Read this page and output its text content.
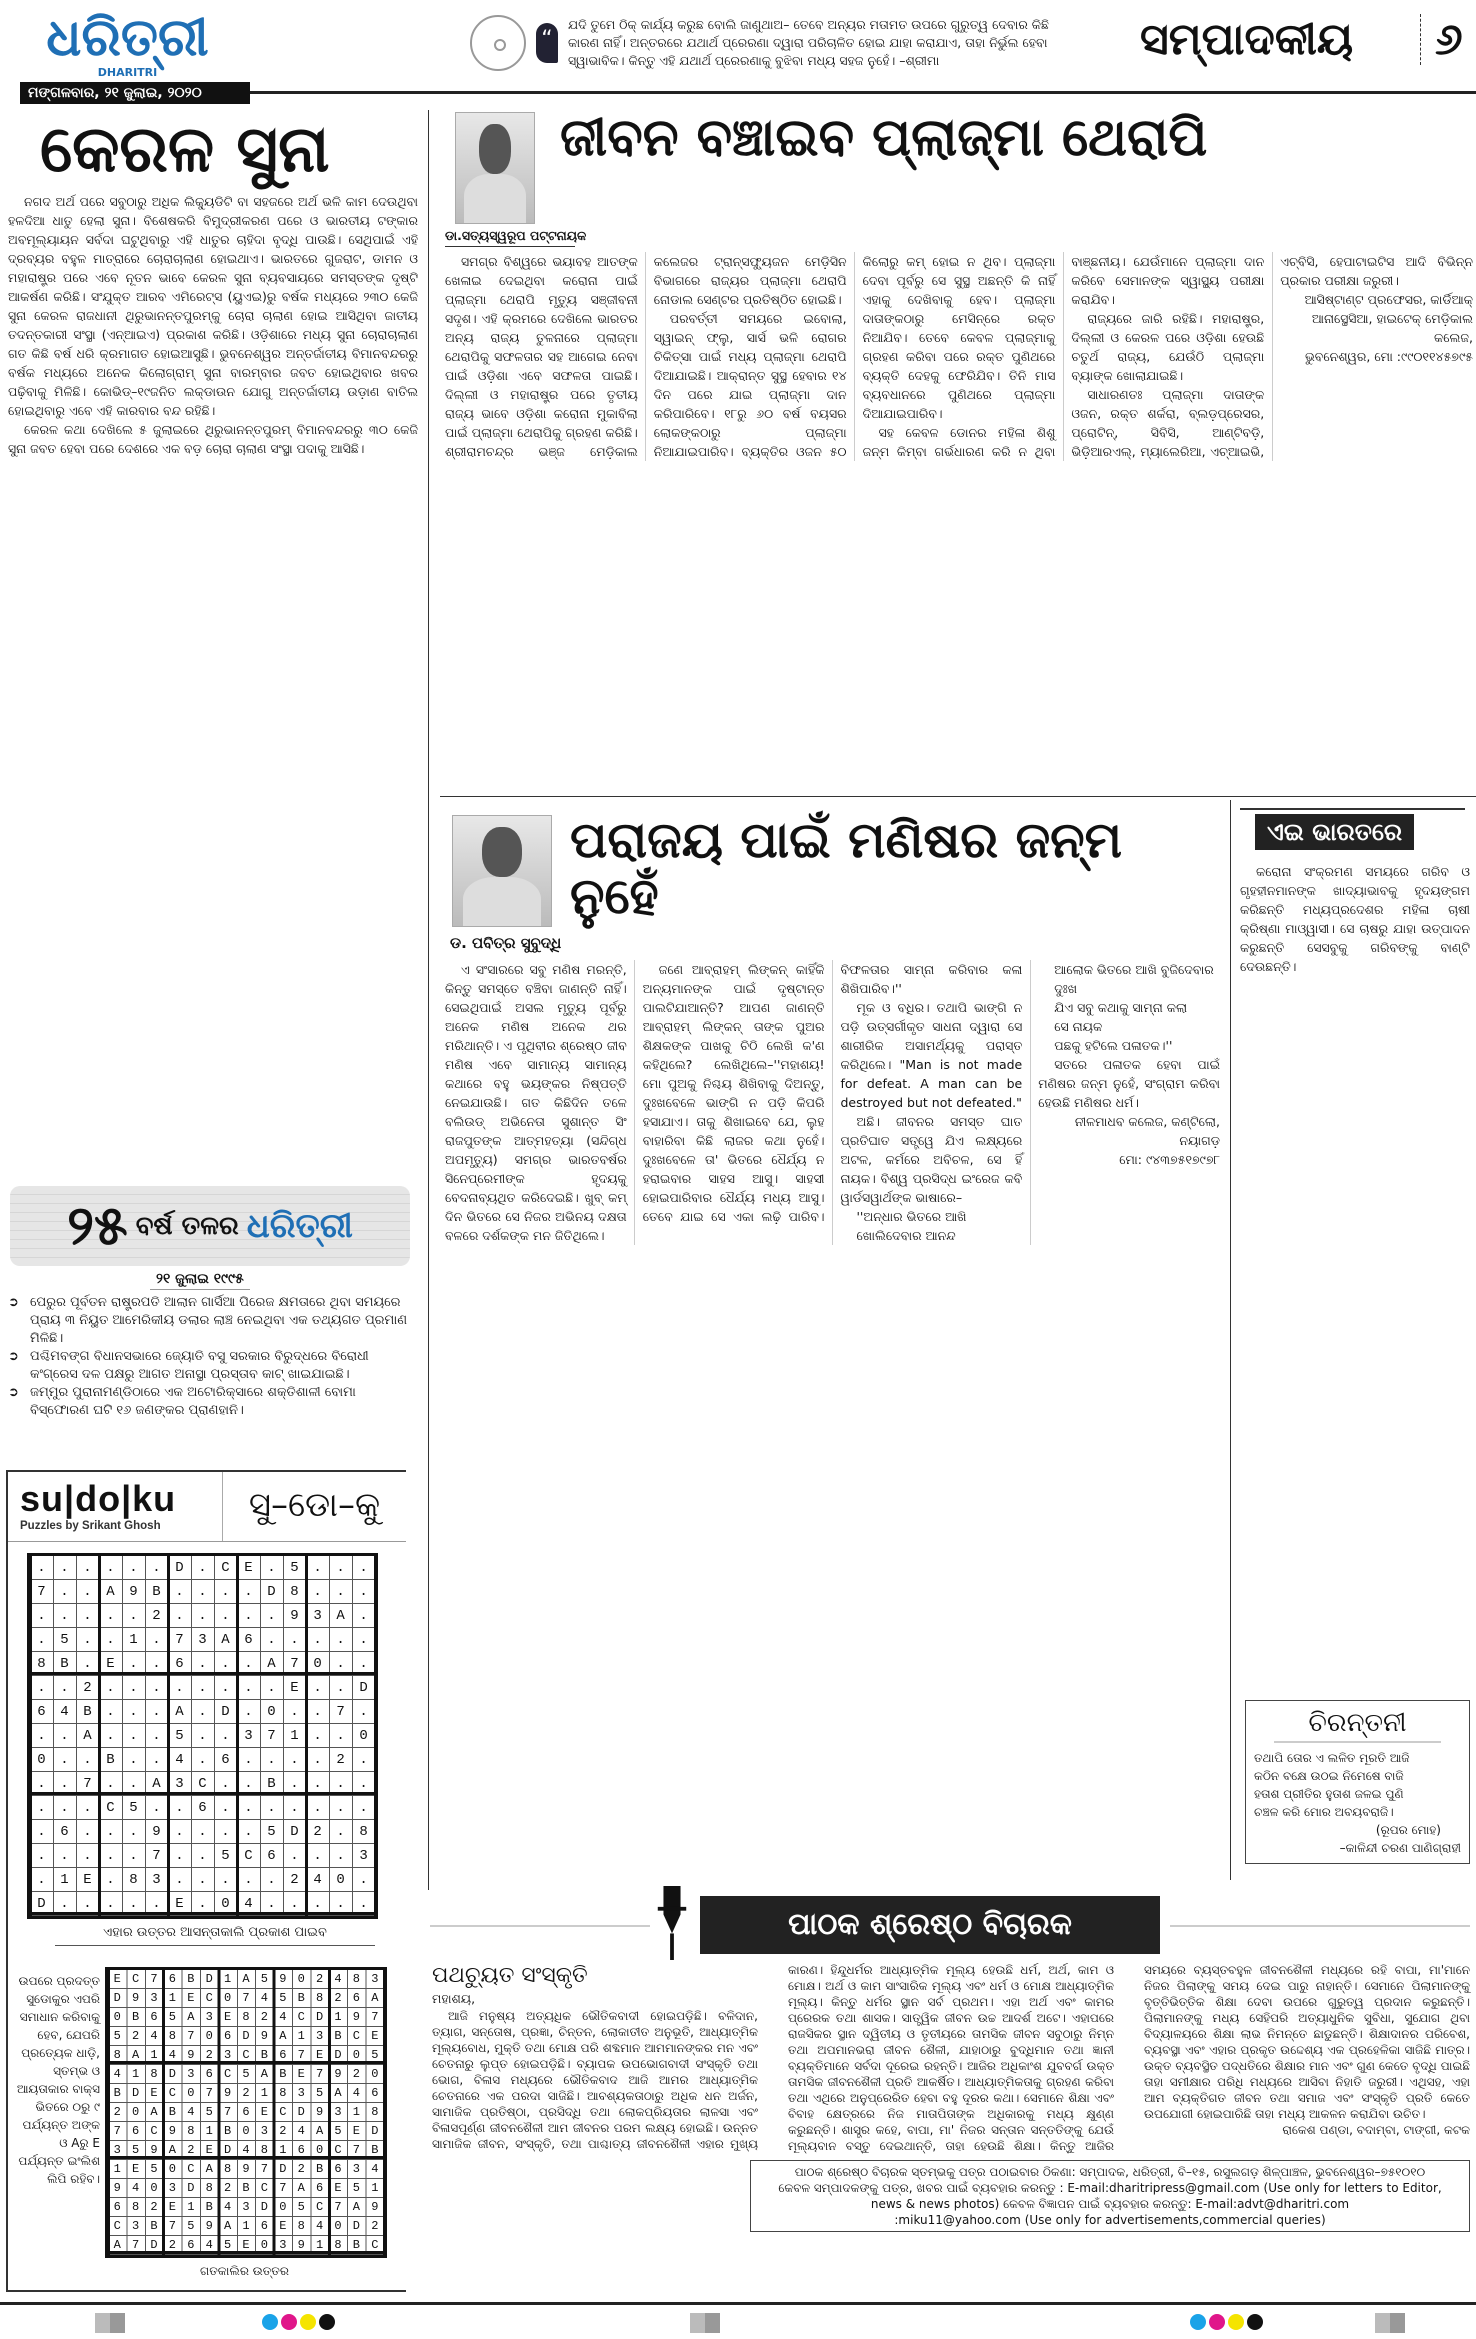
ଧରିତ୍ରୀ
DHARITRI
ମଙ୍ଗଳବାର, ୨୧ ଜୁଲାଇ, ୨୦୨୦
“

ଯଦି ତୁମେ ଠିକ୍ କାର୍ଯ୍ୟ କରୁଛ ବୋଲି ଜାଣୁଥାଅ– ତେବେ ଅନ୍ୟର ମତାମତ ଉପରେ ଗୁରୁତ୍ୱ ଦେବାର କିଛି କାରଣ ନାହିଁ। ଅନ୍ତରରେ ଯଥାର୍ଥ ପ୍ରେରଣା ଦ୍ୱାରା ପରିଚାଳିତ ହୋଇ ଯାହା କରାଯାଏ, ତାହା ନିର୍ଭୁଲ ହେବା ସ୍ୱାଭାବିକ। କିନ୍ତୁ ଏହି ଯଥାର୍ଥ ପ୍ରେରଣାକୁ ବୁଝିବା ମଧ୍ୟ ସହଜ ନୁହେଁ। –ଶ୍ରୀମା	ସମ୍ପାଦକୀୟ	୬
କେରଳ ସୁନା

ନଗଦ ଅର୍ଥ ପରେ ସବୁଠାରୁ ଅଧିକ ଲିକ୍ୟୁଡିଟି ବା ସହଜରେ ଅର୍ଥ ଭଳି କାମ ଦେଉଥିବା ହଳଦିଆ ଧାତୁ ହେଲା ସୁନା। ବିଶେଷକରି ବିମୁଦ୍ରୀକରଣ ପରେ ଓ ଭାରତୀୟ ଟଙ୍କାର ଅବମୂଲ୍ୟାୟନ ସର୍ବଦା ଘଟୁଥିବାରୁ ଏହି ଧାତୁର ଚାହିଦା ବୃଦ୍ଧି ପାଉଛି। ସେଥିପାଇଁ ଏହି ଦ୍ରବ୍ୟର ବହୁଳ ମାତ୍ରାରେ ଚୋରାଚାଲାଣ ହୋଇଥାଏ। ଭାରତରେ ଗୁଜରାଟ, ଡାମନ ଓ ମହାରାଷ୍ଟ୍ର ପରେ ଏବେ ନୂତନ ଭାବେ କେରଳ ସୁନା ବ୍ୟବସାୟରେ ସମସ୍ତଙ୍କ ଦୃଷ୍ଟି ଆକର୍ଷଣ କରିଛି। ସଂଯୁକ୍ତ ଆରବ ଏମିରେଟ୍ସ (ୟୁଏଇ)ରୁ ବର୍ଷକ ମଧ୍ୟରେ ୨୩୦ କେଜି ସୁନା କେରଳ ରାଜଧାନୀ ଥିରୁଭାନନ୍ତପୁରମ୍‌କୁ ଚୋରା ଚାଲାଣ ହୋଇ ଆସିଥିବା ଜାତୀୟ ତଦନ୍ତକାରୀ ସଂସ୍ଥା (ଏନ୍‌ଆଇଏ) ପ୍ରକାଶ କରିଛି। ଓଡ଼ିଶାରେ ମଧ୍ୟ ସୁନା ଚୋରାଚାଲାଣ ଗତ କିଛି ବର୍ଷ ଧରି କ୍ରମାଗତ ହୋଇଆସୁଛି। ଭୁବନେଶ୍ୱର ଅନ୍ତର୍ଜାତୀୟ ବିମାନବନ୍ଦରରୁ ବର୍ଷକ ମଧ୍ୟରେ ଅନେକ କିଲୋଗ୍ରାମ୍ ସୁନା ବାରମ୍ବାର ଜବତ ହୋଇଥିବାର ଖବର ପଢ଼ିବାକୁ ମିଳିଛି। କୋଭିଡ୍–୧୯ଜନିତ ଲକ୍‌ଡାଉନ ଯୋଗୁ ଅନ୍ତର୍ଜାତୀୟ ଉଡ଼ାଣ ବାତିଲ ହୋଇଥିବାରୁ ଏବେ ଏହି କାରବାର ବନ୍ଦ ରହିଛି।

କେରଳ କଥା ଦେଖିଲେ ୫ ଜୁଲାଇରେ ଥିରୁଭାନନ୍ତପୁରମ୍ ବିମାନବନ୍ଦରରୁ ୩୦ କେଜି ସୁନା ଜବତ ହେବା ପରେ ଦେଶରେ ଏକ ବଡ଼ ଚୋରା ଚାଲାଣ ସଂସ୍ଥା ପଦାକୁ ଆସିଛି।

୨୫ ବର୍ଷ ତଳର ଧରିତ୍ରୀ
୨୧ ଜୁଲାଇ ୧୯୯୫
➲ ପେରୁର ପୂର୍ବତନ ରାଷ୍ଟ୍ରପତି ଆଲାନ ଗାର୍ସିଆ ପିରେଜ କ୍ଷମତାରେ ଥିବା ସମୟରେ ପ୍ରାୟ ୩ ନିୟୁତ ଆମେରିକୀୟ ଡଲାର ଲାଞ୍ଚ ନେଇଥିବା ଏକ ତଥ୍ୟଗତ ପ୍ରମାଣ ମିଳିଛି।
➲ ପଶ୍ଚିମବଙ୍ଗ ବିଧାନସଭାରେ ଜ୍ୟୋତି ବସୁ ସରକାର ବିରୁଦ୍ଧରେ ବିରୋଧୀ କଂଗ୍ରେସ ଦଳ ପକ୍ଷରୁ ଆଗତ ଅନାସ୍ଥା ପ୍ରସ୍ତାବ କାଟ୍ ଖାଇଯାଇଛି।
➲ ଜମ୍ମୁର ପୁରାନାମଣ୍ଡିଠାରେ ଏକ ଅଟୋରିକ୍ସାରେ ଶକ୍ତିଶାଳୀ ବୋମା ବିସ୍ଫୋରଣ ଘଟି ୧୬ ଜଣଙ୍କର ପ୍ରାଣହାନି।
su|do|ku
Puzzles by Srikant Ghosh
ସୁ–ଡୋ–କୁ
......D.CE.5...
7..A9B....D8...
.....2.....93A.
.5..1.73A6.....
8B.E..6...A70..
..2........E..D
64B...A.D.0..7.
..A...5..371..0
0..B..4.6....2.
..7..A3C..B....
...C5..6.......
.6...9....5D2.8
.....7..5C6...3
.1E.83.....240.
D.....E.04.....
ଏହାର ଉତ୍ତର ଆସନ୍ତାକାଲି ପ୍ରକାଶ ପାଇବ
ଉପରେ ପ୍ରଦତ୍ତ ସୁଡୋକୁର ଏପରି ସମାଧାନ କରିବାକୁ ହେବ, ଯେପରି ପ୍ରତ୍ୟେକ ଧାଡ଼ି, ସ୍ତମ୍ଭ ଓ ଆୟତାକାର ବାକ୍ସ ଭିତରେ ୦ରୁ ୯ ପର୍ଯ୍ୟନ୍ତ ଅଙ୍କ ଓ Aରୁ E ପର୍ଯ୍ୟନ୍ତ ଇଂଲିଶ ଲିପି ରହିବ।
EC76BD1A5902483
D931EC0745B826A
0B65A3E824CD197
5248706D9A13BCE
8A14923CB67ED05
418D36C5ABE7920
BDEC07921835A46
20AB4576ECD9318
76C981B0324A5ED
359A2ED48160C7B
1E50CA897D2B634
9403D82BC7A6E51
682E1B43D05C7A9
C3B759A16E840D2
A7D2645E03918BC
ଗତକାଲିର ଉତ୍ତର
ଜୀବନ ବଞ୍ଚାଇବ ପ୍ଲାଜ୍‌ମା ଥେରାପି
ଡା.ସତ୍ୟସ୍ୱରୂପ ପଟ୍ଟନାୟକ

ସମଗ୍ର ବିଶ୍ୱରେ ଭୟାବହ ଆତଙ୍କ ଖେଳାଇ ଦେଇଥିବା କରୋନା ପାଇଁ ପ୍ଲାଜ୍‌ମା ଥେରାପି ମୃତ୍ୟୁ ସଞ୍ଜୀବନୀ ସଦୃଶ। ଏହି କ୍ରମରେ ଦେଖିଲେ ଭାରତର ଅନ୍ୟ ରାଜ୍ୟ ତୁଳନାରେ ପ୍ଲାଜ୍‌ମା ଥେରାପିକୁ ସଫଳତାର ସହ ଆଗେଇ ନେବା ପାଇଁ ଓଡ଼ିଶା ଏବେ ସଫଳତା ପାଇଛି। ଦିଲ୍ଲୀ ଓ ମହାରାଷ୍ଟ୍ର ପରେ ତୃତୀୟ ରାଜ୍ୟ ଭାବେ ଓଡ଼ିଶା କରୋନା ମୁକାବିଲା ପାଇଁ ପ୍ଲାଜ୍‌ମା ଥେରାପିକୁ ଗ୍ରହଣ କରିଛି। ଶ୍ରୀରାମଚନ୍ଦ୍ର ଭଞ୍ଜ ମେଡ଼ିକାଲ କଲେଜର ଟ୍ରାନ୍ସଫ୍ୟୁଜନ ମେଡ଼ିସିନ ବିଭାଗରେ ରାଜ୍ୟର ପ୍ଲାଜ୍‌ମା ଥେରାପି ନୋଡାଲ ସେଣ୍ଟର ପ୍ରତିଷ୍ଠିତ ହୋଇଛି।

ପରବର୍ତ୍ତୀ ସମୟରେ ଇବୋଲା, ସ୍ୱାଇନ୍ ଫ୍ଲୁ, ସାର୍ସ ଭଳି ରୋଗର ଚିକିତ୍ସା ପାଇଁ ମଧ୍ୟ ପ୍ଲାଜ୍‌ମା ଥେରାପି ଦିଆଯାଇଛି। ଆକ୍ରାନ୍ତ ସୁସ୍ଥ ହେବାର ୧୪ ଦିନ ପରେ ଯାଇ ପ୍ଲାଜ୍‌ମା ଦାନ କରିପାରିବେ। ୧୮ରୁ ୬୦ ବର୍ଷ ବୟସର ଲୋକଙ୍କଠାରୁ ପ୍ଲାଜ୍‌ମା ନିଆଯାଇପାରିବ। ବ୍ୟକ୍ତିର ଓଜନ ୫୦ କିଲୋରୁ କମ୍ ହୋଇ ନ ଥିବ। ପ୍ଲାଜ୍‌ମା ଦେବା ପୂର୍ବରୁ ସେ ସୁସ୍ଥ ଅଛନ୍ତି କି ନାହିଁ ଏହାକୁ ଦେଖିବାକୁ ହେବ। ପ୍ଲାଜ୍‌ମା ଦାତାଙ୍କଠାରୁ ମେସିନ୍‌ରେ ରକ୍ତ ନିଆଯିବ। ତେବେ କେବଳ ପ୍ଲାଜ୍‌ମାକୁ ଗ୍ରହଣ କରିବା ପରେ ରକ୍ତ ପୁଣିଥରେ ବ୍ୟକ୍ତି ଦେହକୁ ଫେରିଯିବ। ତିନି ମାସ ବ୍ୟବଧାନରେ ପୁଣିଥରେ ପ୍ଲାଜ୍‌ମା ଦିଆଯାଇପାରିବ।

ସହ କେବଳ ଡୋନର ମହିଳା ଶିଶୁ ଜନ୍ମ କିମ୍ବା ଗର୍ଭଧାରଣ କରି ନ ଥିବା ବାଞ୍ଛନୀୟ। ଯେଉଁମାନେ ପ୍ଲାଜ୍‌ମା ଦାନ କରିବେ ସେମାନଙ୍କ ସ୍ୱାସ୍ଥ୍ୟ ପରୀକ୍ଷା କରାଯିବ।

ରାଜ୍ୟରେ ଜାରି ରହିଛି। ମହାରାଷ୍ଟ୍ର, ଦିଲ୍ଲୀ ଓ କେରଳ ପରେ ଓଡ଼ିଶା ହେଉଛି ଚତୁର୍ଥ ରାଜ୍ୟ, ଯେଉଁଠି ପ୍ଲାଜ୍‌ମା ବ୍ୟାଙ୍କ ଖୋଲାଯାଇଛି।

ସାଧାରଣତଃ ପ୍ଲାଜ୍‌ମା ଦାତାଙ୍କ ଓଜନ, ରକ୍ତ ଶର୍କରା, ବ୍ଲଡ଼ପ୍ରେସର, ପ୍ରୋଟିନ୍, ସିବିସି, ଆଣ୍ଟିବଡ଼ି, ଭିଡ଼ିଆରଏଲ୍, ମ୍ୟାଲେରିଆ, ଏଚ୍‌ଆଇଭି, ଏଚ୍‌ବିସି, ହେପାଟାଇଟିସ ଆଦି ବିଭିନ୍ନ ପ୍ରକାର ପରୀକ୍ଷା ଜରୁରୀ।

ଆସିଷ୍ଟାଣ୍ଟ ପ୍ରଫେସର, କାର୍ଡିଆକ୍
ଆନାସ୍ଥେସିଆ, ହାଇଟେକ୍ ମେଡ଼ିକାଲ କଲେଜ,
ଭୁବନେଶ୍ୱର, ମୋ :୯୯୦୧୧୪୫୭୯୫
ପରାଜୟ ପାଇଁ ମଣିଷର ଜନ୍ମ ନୁହେଁ
ଡ. ପବିତ୍ର ସୁବୁଦ୍ଧି

ଏ ସଂସାରରେ ସବୁ ମଣିଷ ମରନ୍ତି, କିନ୍ତୁ ସମସ୍ତେ ବଞ୍ଚିବା ଜାଣନ୍ତି ନାହିଁ। ସେଇଥିପାଇଁ ଅସଲ ମୃତ୍ୟୁ ପୂର୍ବରୁ ଅନେକ ମଣିଷ ଅନେକ ଥର ମରିଥାନ୍ତି। ଏ ପୃଥିବୀର ଶ୍ରେଷ୍ଠ ଜୀବ ମଣିଷ ଏବେ ସାମାନ୍ୟ ସାମାନ୍ୟ କଥାରେ ବହୁ ଭୟଙ୍କର ନିଷ୍ପତ୍ତି ନେଇଯାଉଛି। ଗତ କିଛିଦିନ ତଳେ ବଲିଉଡ୍ ଅଭିନେତା ସୁଶାନ୍ତ ସିଂ ରାଜପୁତଙ୍କ ଆତ୍ମହତ୍ୟା (ସନ୍ଦିଗ୍ଧ ଅପମୃତ୍ୟୁ) ସମଗ୍ର ଭାରତବର୍ଷର ସିନେପ୍ରେମୀଙ୍କ ହୃଦୟକୁ ବେଦନାବ୍ୟଥିତ କରିଦେଇଛି। ଖୁବ୍ କମ୍ ଦିନ ଭିତରେ ସେ ନିଜର ଅଭିନୟ ଦକ୍ଷତା ବଳରେ ଦର୍ଶକଙ୍କ ମନ ଜିତିଥିଲେ।

ଜଣେ ଆବ୍ରାହମ୍ ଲିଙ୍କନ୍ କାହିଁକି ଅନ୍ୟମାନଙ୍କ ପାଇଁ ଦୃଷ୍ଟାନ୍ତ ପାଲଟିଯାଆନ୍ତି? ଆପଣ ଜାଣନ୍ତି ଆବ୍ରାହମ୍ ଲିଙ୍କନ୍ ତାଙ୍କ ପୁଅର ଶିକ୍ଷକଙ୍କ ପାଖକୁ ଚିଠି ଲେଖି କ'ଣ କହିଥିଲେ? ଲେଖିଥିଲେ–''ମହାଶୟ! ମୋ ପୁଅକୁ ନିଶ୍ଚୟ ଶିଖିବାକୁ ଦିଅନ୍ତୁ, ଦୁଃଖବେଳେ ଭାଙ୍ଗି ନ ପଡ଼ି କିପରି ହସାଯାଏ। ତାକୁ ଶିଖାଇବେ ଯେ, ଲୁହ ବାହାରିବା କିଛି ଲାଜର କଥା ନୁହେଁ। ଦୁଃଖବେଳେ ତା' ଭିତରେ ଧୈର୍ଯ୍ୟ ନ ହରାଇବାର ସାହସ ଆସୁ। ସାହସୀ ହୋଇପାରିବାର ଧୈର୍ଯ୍ୟ ମଧ୍ୟ ଆସୁ। ତେବେ ଯାଇ ସେ ଏକା ଲଢ଼ି ପାରିବ। ବିଫଳତାର ସାମ୍ନା କରିବାର କଳା ଶିଖିପାରିବ।''

ମୂକ ଓ ବଧିର। ତଥାପି ଭାଙ୍ଗି ନ ପଡ଼ି ଉତ୍ସର୍ଗୀକୃତ ସାଧନା ଦ୍ୱାରା ସେ ଶାରୀରିକ ଅସାମର୍ଥ୍ୟକୁ ପରାସ୍ତ କରିଥିଲେ। "Man is not made for defeat. A man can be destroyed but not defeated."

ଅଛି। ଜୀବନର ସମସ୍ତ ଘାତ ପ୍ରତିଘାତ ସତ୍ତ୍ୱେ ଯିଏ ଲକ୍ଷ୍ୟରେ ଅଟଳ, କର୍ମରେ ଅବିଚଳ, ସେ ହିଁ ନାୟକ। ବିଶ୍ୱ ପ୍ରସିଦ୍ଧ ଇଂରେଜ କବି ୱାର୍ଡସୱାର୍ଥଙ୍କ ଭାଷାରେ–

''ଅନ୍ଧାର ଭିତରେ ଆଖି ଖୋଲିଦେବାର ଆନନ୍ଦ
ଆଲୋକ ଭିତରେ ଆଖି ବୁଜିଦେବାର ଦୁଃଖ
ଯିଏ ସବୁ କଥାକୁ ସାମ୍ନା କଲା
ସେ ନାୟକ
ପଛକୁ ହଟିଲେ ପଳାତକ।''

ସତରେ ପଳାତକ ହେବା ପାଇଁ ମଣିଷର ଜନ୍ମ ନୁହେଁ, ସଂଗ୍ରାମ କରିବା ହେଉଛି ମଣିଷର ଧର୍ମ।

ନୀଳମାଧବ କଲେଜ, କଣ୍ଟିଲୋ, ନୟାଗଡ଼
ମୋ: ୯୪୩୭୫୧୭୯୭୮
ଏଇ ଭାରତରେ

କରୋନା ସଂକ୍ରମଣ ସମୟରେ ଗରିବ ଓ ଗୃହହୀନମାନଙ୍କ ଖାଦ୍ୟାଭାବକୁ ହୃଦୟଙ୍ଗମ କରିଛନ୍ତି ମଧ୍ୟପ୍ରଦେଶର ମହିଳା ଚାଷୀ କ୍ରିଷ୍ଣା ମାଓ୍ୱାସୀ। ସେ ଚାଷରୁ ଯାହା ଉତ୍ପାଦନ କରୁଛନ୍ତି ସେସବୁକୁ ଗରିବଙ୍କୁ ବାଣ୍ଟି ଦେଉଛନ୍ତି।

ଚିରନ୍ତନୀ
ତଥାପି ତୋର ଏ ଲଳିତ ମୂରତି ଆଜି
କଠିନ ବକ୍ଷେ ଉଠଇ ନିମେଷେ ବାଜି
ହତାଶ ପ୍ରୀତିର ହୁତାଶ ଜଳଇ ପୁଣି
ଚଞ୍ଚଳ କରି ମୋର ଅବୟବରାଜି।
(ରୂପର ମୋହ)
–କାଳିନ୍ଦୀ ଚରଣ ପାଣିଗ୍ରାହୀ
ପାଠକ ଶ୍ରେଷ୍ଠ ବିଚାରକ
ପଥଚ୍ୟୁତ ସଂସ୍କୃତି
ମହାଶୟ,

ଆଜି ମନୁଷ୍ୟ ଅତ୍ୟଧିକ ଭୌତିକବାଦୀ ହୋଇପଡ଼ିଛି। ବଳିଦାନ, ତ୍ୟାଗ, ସନ୍ତୋଷ, ପ୍ରଜ୍ଞା, ଚିନ୍ତନ, ଲୋକାତୀତ ଅନୁଭୂତି, ଆଧ୍ୟାତ୍ମିକ ମୂଲ୍ୟବୋଧ, ମୁକ୍ତି ତଥା ମୋକ୍ଷ ପରି ଶବ୍ଦମାନ ଆମମାନଙ୍କର ମନ ଏବଂ ଚେତନାରୁ ଲୁପ୍ତ ହୋଇପଡ଼ିଛି। ବ୍ୟାପକ ଉପଭୋଗବାଦୀ ସଂସ୍କୃତି ତଥା ଭୋଗ, ବିଳାସ ମଧ୍ୟରେ ଭୌତିକବାଦ ଆଜି ଆମର ଆଧ୍ୟାତ୍ମିକ ଚେତନାରେ ଏକ ପରଦା ସାଜିଛି। ଆବଶ୍ୟକତାଠାରୁ ଅଧିକ ଧନ ଅର୍ଜନ, ସାମାଜିକ ପ୍ରତିଷ୍ଠା, ପ୍ରସିଦ୍ଧି ତଥା ଲୋକପ୍ରିୟତାର ଲାଳସା ଏବଂ ବିଳାସପୂର୍ଣ୍ଣ ଜୀବନଶୈଳୀ ଆମ ଜୀବନର ପରମ ଲକ୍ଷ୍ୟ ହୋଇଛି। ଉନ୍ନତ ସାମାଜିକ ଜୀବନ, ସଂସ୍କୃତି, ତଥା ପାଶ୍ଚାତ୍ୟ ଜୀବନଶୈଳୀ ଏହାର ମୁଖ୍ୟ କାରଣ। ହିନ୍ଦୁଧର୍ମର ଆଧ୍ୟାତ୍ମିକ ମୂଲ୍ୟ ହେଉଛି ଧର୍ମ, ଅର୍ଥ, କାମ ଓ ମୋକ୍ଷ। ଅର୍ଥ ଓ କାମ ସାଂସାରିକ ମୂଲ୍ୟ ଏବଂ ଧର୍ମ ଓ ମୋକ୍ଷ ଆଧ୍ୟାତ୍ମିକ ମୂଲ୍ୟ। କିନ୍ତୁ ଧର୍ମର ସ୍ଥାନ ସର୍ବ ପ୍ରଥମ। ଏହା ଅର୍ଥ ଏବଂ କାମର ପ୍ରେରକ ତଥା ଶାସକ। ସାତ୍ତ୍ୱିକ ଜୀବନ ଉଚ୍ଚ ଆଦର୍ଶ ଅଟେ। ଏହାପରେ ରାଜସିକର ସ୍ଥାନ ଦ୍ୱିତୀୟ ଓ ତୃତୀୟରେ ତାମସିକ ଜୀବନ ସବୁଠାରୁ ନିମ୍ନ ତଥା ଅପମାନଭରା ଜୀବନ ଶୈଳୀ, ଯାହାଠାରୁ ବୁଦ୍ଧିମାନ ତଥା ଜ୍ଞାନୀ ବ୍ୟକ୍ତିମାନେ ସର୍ବଦା ଦୂରେଇ ରହନ୍ତି। ଆଜିର ଅଧିକାଂଶ ଯୁବବର୍ଗ ଉକ୍ତ ତାମସିକ ଜୀବନଶୈଳୀ ପ୍ରତି ଆକର୍ଷିତ। ଆଧ୍ୟାତ୍ମିକତାକୁ ଗ୍ରହଣ କରିବା ତଥା ଏଥିରେ ଅନୁପ୍ରେରିତ ହେବା ବହୁ ଦୂରର କଥା। ସେମାନେ ଶିକ୍ଷା ଏବଂ ବିବାହ କ୍ଷେତ୍ରରେ ନିଜ ମାତାପିତାଙ୍କ ଅଧିକାରକୁ ମଧ୍ୟ କ୍ଷୁଣ୍ଣ କରୁଛନ୍ତି। ଶାସ୍ତ୍ର କହେ, ବାପା, ମା' ନିଜର ସନ୍ତାନ ସନ୍ତତିଙ୍କୁ ଯେଉଁ ମୂଲ୍ୟବାନ ବସ୍ତୁ ଦେଇଥାନ୍ତି, ତାହା ହେଉଛି ଶିକ୍ଷା। କିନ୍ତୁ ଆଜିର ସମୟରେ ବ୍ୟସ୍ତବହୁଳ ଜୀବନଶୈଳୀ ମଧ୍ୟରେ ରହି ବାପା, ମା'ମାନେ ନିଜର ପିଲାଙ୍କୁ ସମୟ ଦେଇ ପାରୁ ନାହାନ୍ତି। ସେମାନେ ପିଲାମାନଙ୍କୁ ବୃତ୍ତିଭିତ୍ତିକ ଶିକ୍ଷା ଦେବା ଉପରେ ଗୁରୁତ୍ୱ ପ୍ରଦାନ କରୁଛନ୍ତି। ପିଲାମାନଙ୍କୁ ମଧ୍ୟ ସେହିପରି ଅତ୍ୟାଧୁନିକ ସୁବିଧା, ସୁଯୋଗ ଥିବା ବିଦ୍ୟାଳୟରେ ଶିକ୍ଷା ଲାଭ ନିମନ୍ତେ ଛାଡୁଛନ୍ତି। ଶିକ୍ଷାଦାନର ପରିବେଶ, ବ୍ୟବସ୍ଥା ଏବଂ ଏହାର ପ୍ରକୃତ ଉଦ୍ଦେଶ୍ୟ ଏକ ପ୍ରହେଳିକା ସାଜିଛି ମାତ୍ର। ଉକ୍ତ ବ୍ୟବସ୍ଥିତ ପଦ୍ଧତିରେ ଶିକ୍ଷାର ମାନ ଏବଂ ଗୁଣ କେତେ ବୃଦ୍ଧି ପାଇଛି ତାହା ସମୀକ୍ଷାର ପରିଧି ମଧ୍ୟରେ ଆସିବା ନିହାତି ଜରୁରୀ। ଏଥିସହ, ଏହା ଆମ ବ୍ୟକ୍ତିଗତ ଜୀବନ ତଥା ସମାଜ ଏବଂ ସଂସ୍କୃତି ପ୍ରତି କେତେ ଉପଯୋଗୀ ହୋଇପାରିଛି ତାହା ମଧ୍ୟ ଆକଳନ କରାଯିବା ଉଚିତ।

ରାକେଶ ପଣ୍ଡା, ବଦାମ୍ବା, ଟାଙ୍ଗୀ, କଟକ
ପାଠକ ଶ୍ରେଷ୍ଠ ବିଚାରକ ସ୍ତମ୍ଭକୁ ପତ୍ର ପଠାଇବାର ଠିକଣା: ସମ୍ପାଦକ, ଧରିତ୍ରୀ, ବି–୧୫, ରସୁଲଗଡ଼ ଶିଳ୍ପାଞ୍ଚଳ, ଭୁବନେଶ୍ୱର–୭୫୧୦୧୦
କେବଳ ସମ୍ପାଦକଙ୍କୁ ପତ୍ର, ଖବର ପାଇଁ ବ୍ୟବହାର କରନ୍ତୁ : E-mail:dharitripress@gmail.com (Use only for letters to Editor,
news & news photos) କେବଳ ବିଜ୍ଞାପନ ପାଇଁ ବ୍ୟବହାର କରନ୍ତୁ: E-mail:advt@dharitri.com
:miku11@yahoo.com (Use only for advertisements,commercial queries)
